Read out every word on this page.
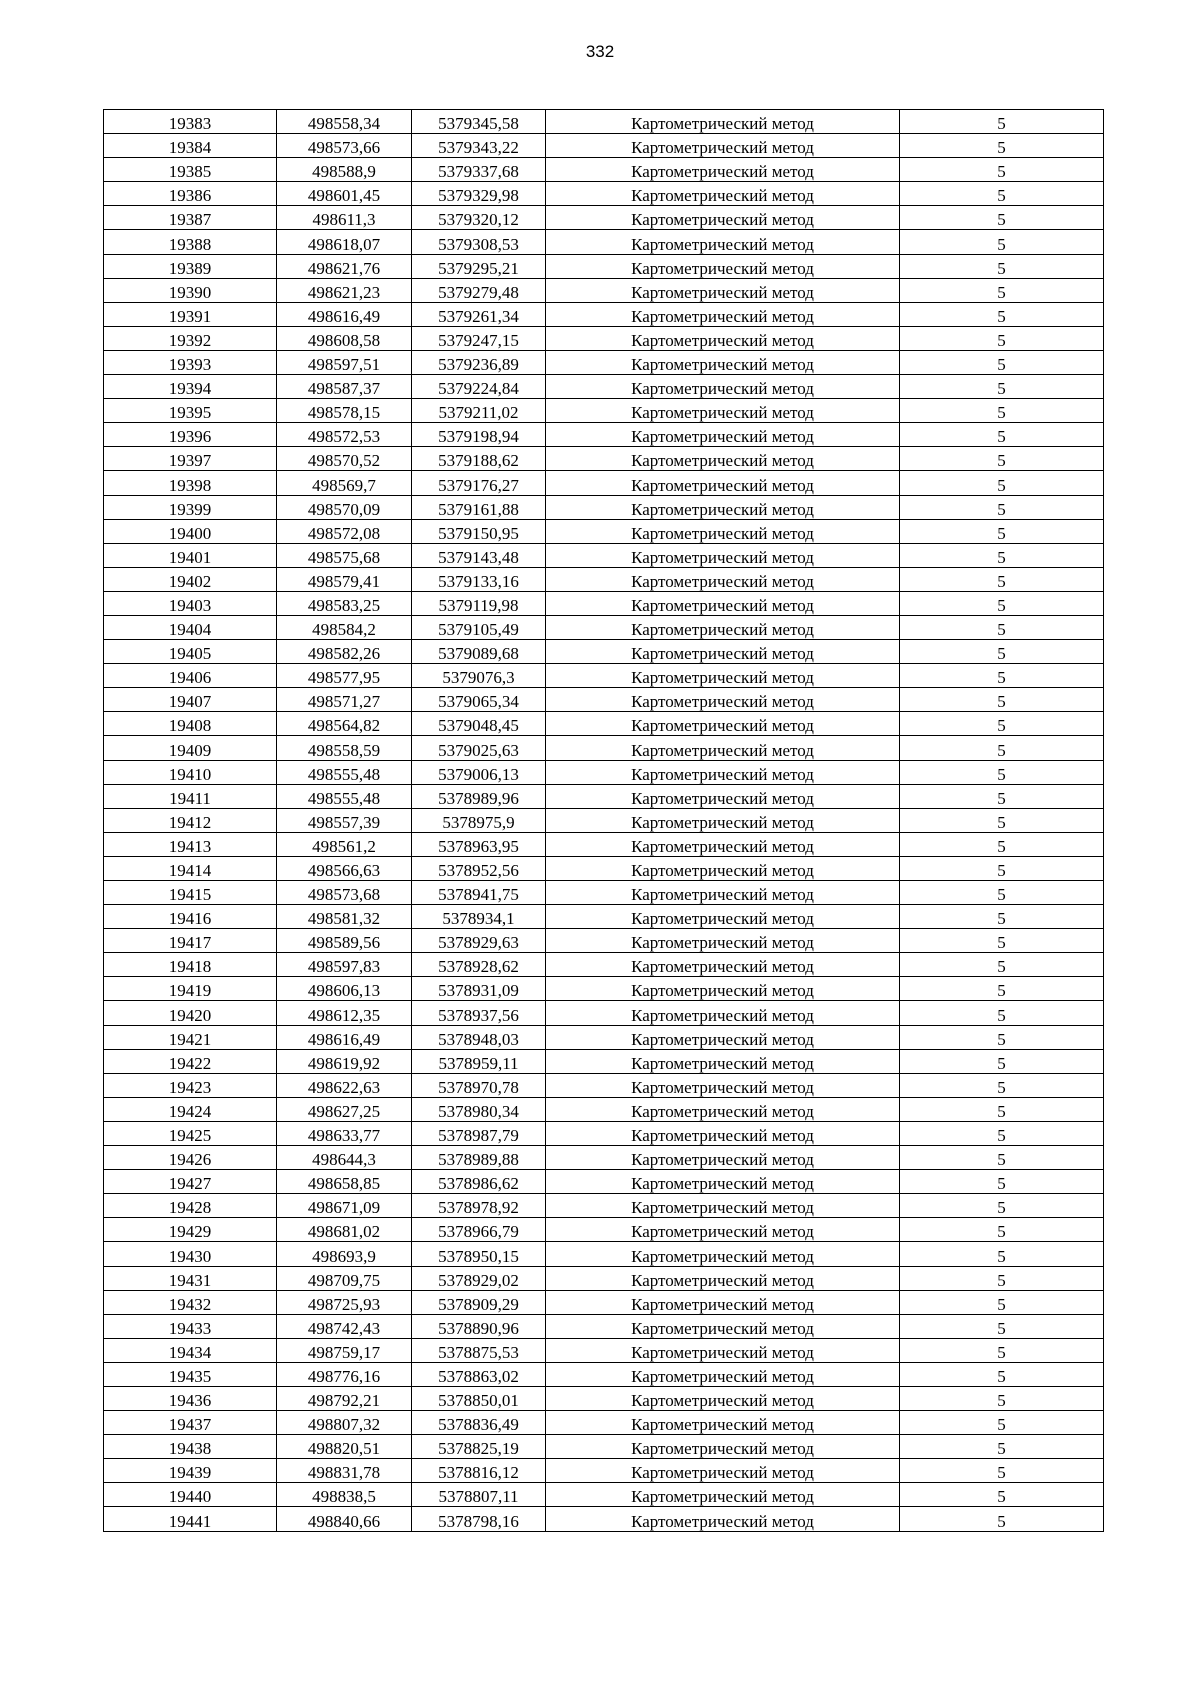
332
19383	498558,34	5379345,58	Картометрический метод	5
19384	498573,66	5379343,22	Картометрический метод	5
19385	498588,9	5379337,68	Картометрический метод	5
19386	498601,45	5379329,98	Картометрический метод	5
19387	498611,3	5379320,12	Картометрический метод	5
19388	498618,07	5379308,53	Картометрический метод	5
19389	498621,76	5379295,21	Картометрический метод	5
19390	498621,23	5379279,48	Картометрический метод	5
19391	498616,49	5379261,34	Картометрический метод	5
19392	498608,58	5379247,15	Картометрический метод	5
19393	498597,51	5379236,89	Картометрический метод	5
19394	498587,37	5379224,84	Картометрический метод	5
19395	498578,15	5379211,02	Картометрический метод	5
19396	498572,53	5379198,94	Картометрический метод	5
19397	498570,52	5379188,62	Картометрический метод	5
19398	498569,7	5379176,27	Картометрический метод	5
19399	498570,09	5379161,88	Картометрический метод	5
19400	498572,08	5379150,95	Картометрический метод	5
19401	498575,68	5379143,48	Картометрический метод	5
19402	498579,41	5379133,16	Картометрический метод	5
19403	498583,25	5379119,98	Картометрический метод	5
19404	498584,2	5379105,49	Картометрический метод	5
19405	498582,26	5379089,68	Картометрический метод	5
19406	498577,95	5379076,3	Картометрический метод	5
19407	498571,27	5379065,34	Картометрический метод	5
19408	498564,82	5379048,45	Картометрический метод	5
19409	498558,59	5379025,63	Картометрический метод	5
19410	498555,48	5379006,13	Картометрический метод	5
19411	498555,48	5378989,96	Картометрический метод	5
19412	498557,39	5378975,9	Картометрический метод	5
19413	498561,2	5378963,95	Картометрический метод	5
19414	498566,63	5378952,56	Картометрический метод	5
19415	498573,68	5378941,75	Картометрический метод	5
19416	498581,32	5378934,1	Картометрический метод	5
19417	498589,56	5378929,63	Картометрический метод	5
19418	498597,83	5378928,62	Картометрический метод	5
19419	498606,13	5378931,09	Картометрический метод	5
19420	498612,35	5378937,56	Картометрический метод	5
19421	498616,49	5378948,03	Картометрический метод	5
19422	498619,92	5378959,11	Картометрический метод	5
19423	498622,63	5378970,78	Картометрический метод	5
19424	498627,25	5378980,34	Картометрический метод	5
19425	498633,77	5378987,79	Картометрический метод	5
19426	498644,3	5378989,88	Картометрический метод	5
19427	498658,85	5378986,62	Картометрический метод	5
19428	498671,09	5378978,92	Картометрический метод	5
19429	498681,02	5378966,79	Картометрический метод	5
19430	498693,9	5378950,15	Картометрический метод	5
19431	498709,75	5378929,02	Картометрический метод	5
19432	498725,93	5378909,29	Картометрический метод	5
19433	498742,43	5378890,96	Картометрический метод	5
19434	498759,17	5378875,53	Картометрический метод	5
19435	498776,16	5378863,02	Картометрический метод	5
19436	498792,21	5378850,01	Картометрический метод	5
19437	498807,32	5378836,49	Картометрический метод	5
19438	498820,51	5378825,19	Картометрический метод	5
19439	498831,78	5378816,12	Картометрический метод	5
19440	498838,5	5378807,11	Картометрический метод	5
19441	498840,66	5378798,16	Картометрический метод	5
